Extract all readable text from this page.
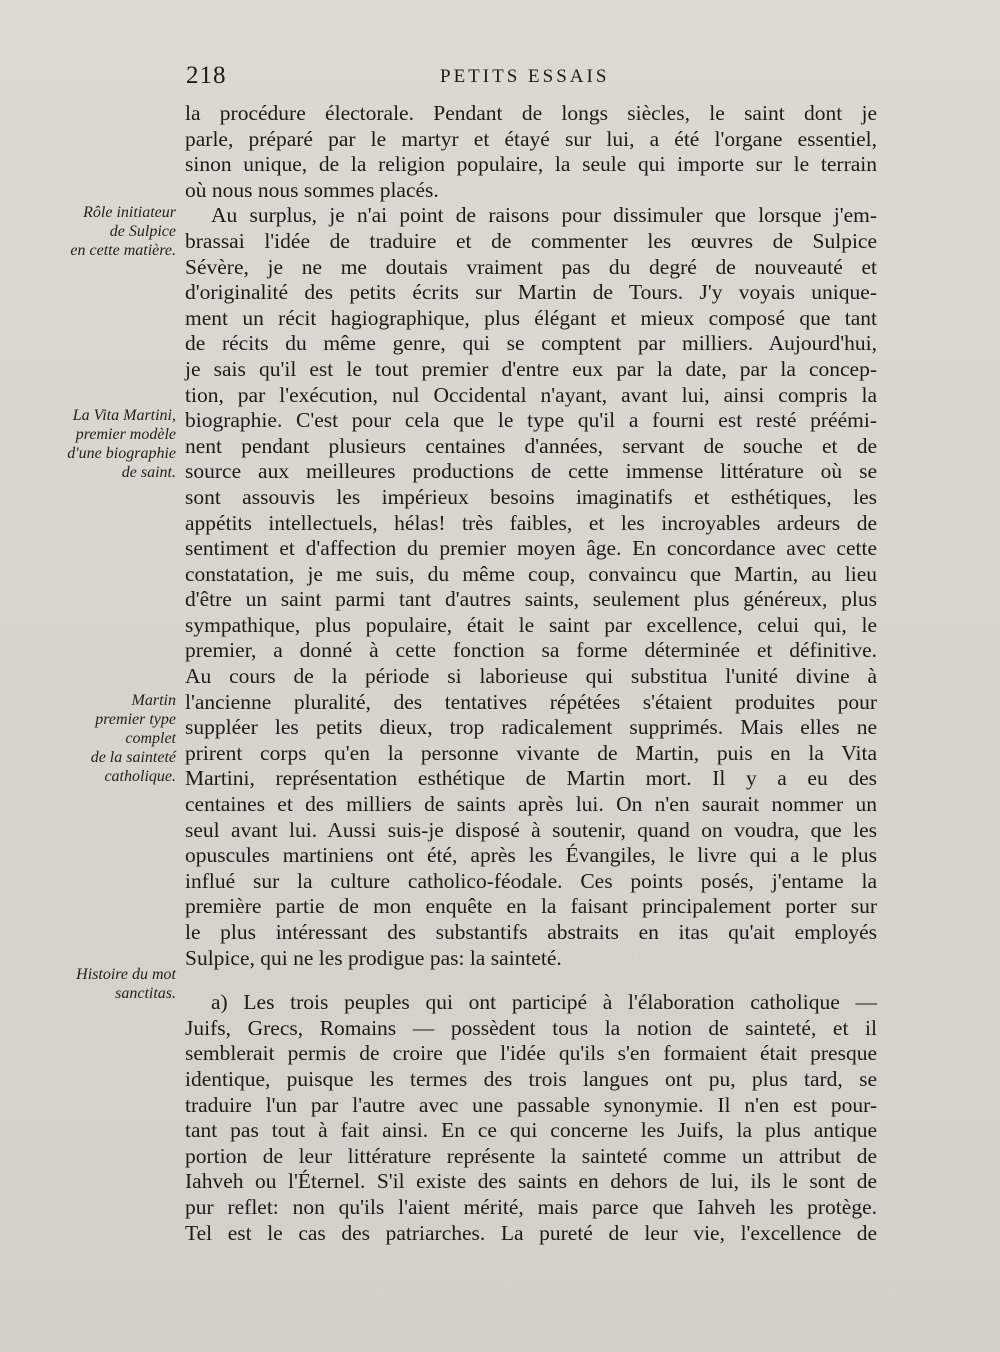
218	PETITS ESSAIS
Rôle initiateur
de Sulpice
en cette matière.
La Vita Martini,
premier modèle
d'une biographie
de saint.
Martin
premier type
complet
de la sainteté
catholique.
Histoire du mot
sanctitas.
la procédure électorale. Pendant de longs siècles, le saint dont je
parle, préparé par le martyr et étayé sur lui, a été l'organe essentiel,
sinon unique, de la religion populaire, la seule qui importe sur le terrain
où nous nous sommes placés.
Au surplus, je n'ai point de raisons pour dissimuler que lorsque j'em-
brassai l'idée de traduire et de commenter les œuvres de Sulpice
Sévère, je ne me doutais vraiment pas du degré de nouveauté et
d'originalité des petits écrits sur Martin de Tours. J'y voyais unique-
ment un récit hagiographique, plus élégant et mieux composé que tant
de récits du même genre, qui se comptent par milliers. Aujourd'hui,
je sais qu'il est le tout premier d'entre eux par la date, par la concep-
tion, par l'exécution, nul Occidental n'ayant, avant lui, ainsi compris la
biographie. C'est pour cela que le type qu'il a fourni est resté préémi-
nent pendant plusieurs centaines d'années, servant de souche et de
source aux meilleures productions de cette immense littérature où se
sont assouvis les impérieux besoins imaginatifs et esthétiques, les
appétits intellectuels, hélas! très faibles, et les incroyables ardeurs de
sentiment et d'affection du premier moyen âge. En concordance avec cette
constatation, je me suis, du même coup, convaincu que Martin, au lieu
d'être un saint parmi tant d'autres saints, seulement plus généreux, plus
sympathique, plus populaire, était le saint par excellence, celui qui, le
premier, a donné à cette fonction sa forme déterminée et définitive.
Au cours de la période si laborieuse qui substitua l'unité divine à
l'ancienne pluralité, des tentatives répétées s'étaient produites pour
suppléer les petits dieux, trop radicalement supprimés. Mais elles ne
prirent corps qu'en la personne vivante de Martin, puis en la Vita
Martini, représentation esthétique de Martin mort. Il y a eu des
centaines et des milliers de saints après lui. On n'en saurait nommer un
seul avant lui. Aussi suis-je disposé à soutenir, quand on voudra, que les
opuscules martiniens ont été, après les Évangiles, le livre qui a le plus
influé sur la culture catholico-féodale. Ces points posés, j'entame la
première partie de mon enquête en la faisant principalement porter sur
le plus intéressant des substantifs abstraits en itas qu'ait employés
Sulpice, qui ne les prodigue pas: la sainteté.
a) Les trois peuples qui ont participé à l'élaboration catholique —
Juifs, Grecs, Romains — possèdent tous la notion de sainteté, et il
semblerait permis de croire que l'idée qu'ils s'en formaient était presque
identique, puisque les termes des trois langues ont pu, plus tard, se
traduire l'un par l'autre avec une passable synonymie. Il n'en est pour-
tant pas tout à fait ainsi. En ce qui concerne les Juifs, la plus antique
portion de leur littérature représente la sainteté comme un attribut de
Iahveh ou l'Éternel. S'il existe des saints en dehors de lui, ils le sont de
pur reflet: non qu'ils l'aient mérité, mais parce que Iahveh les protège.
Tel est le cas des patriarches. La pureté de leur vie, l'excellence de
